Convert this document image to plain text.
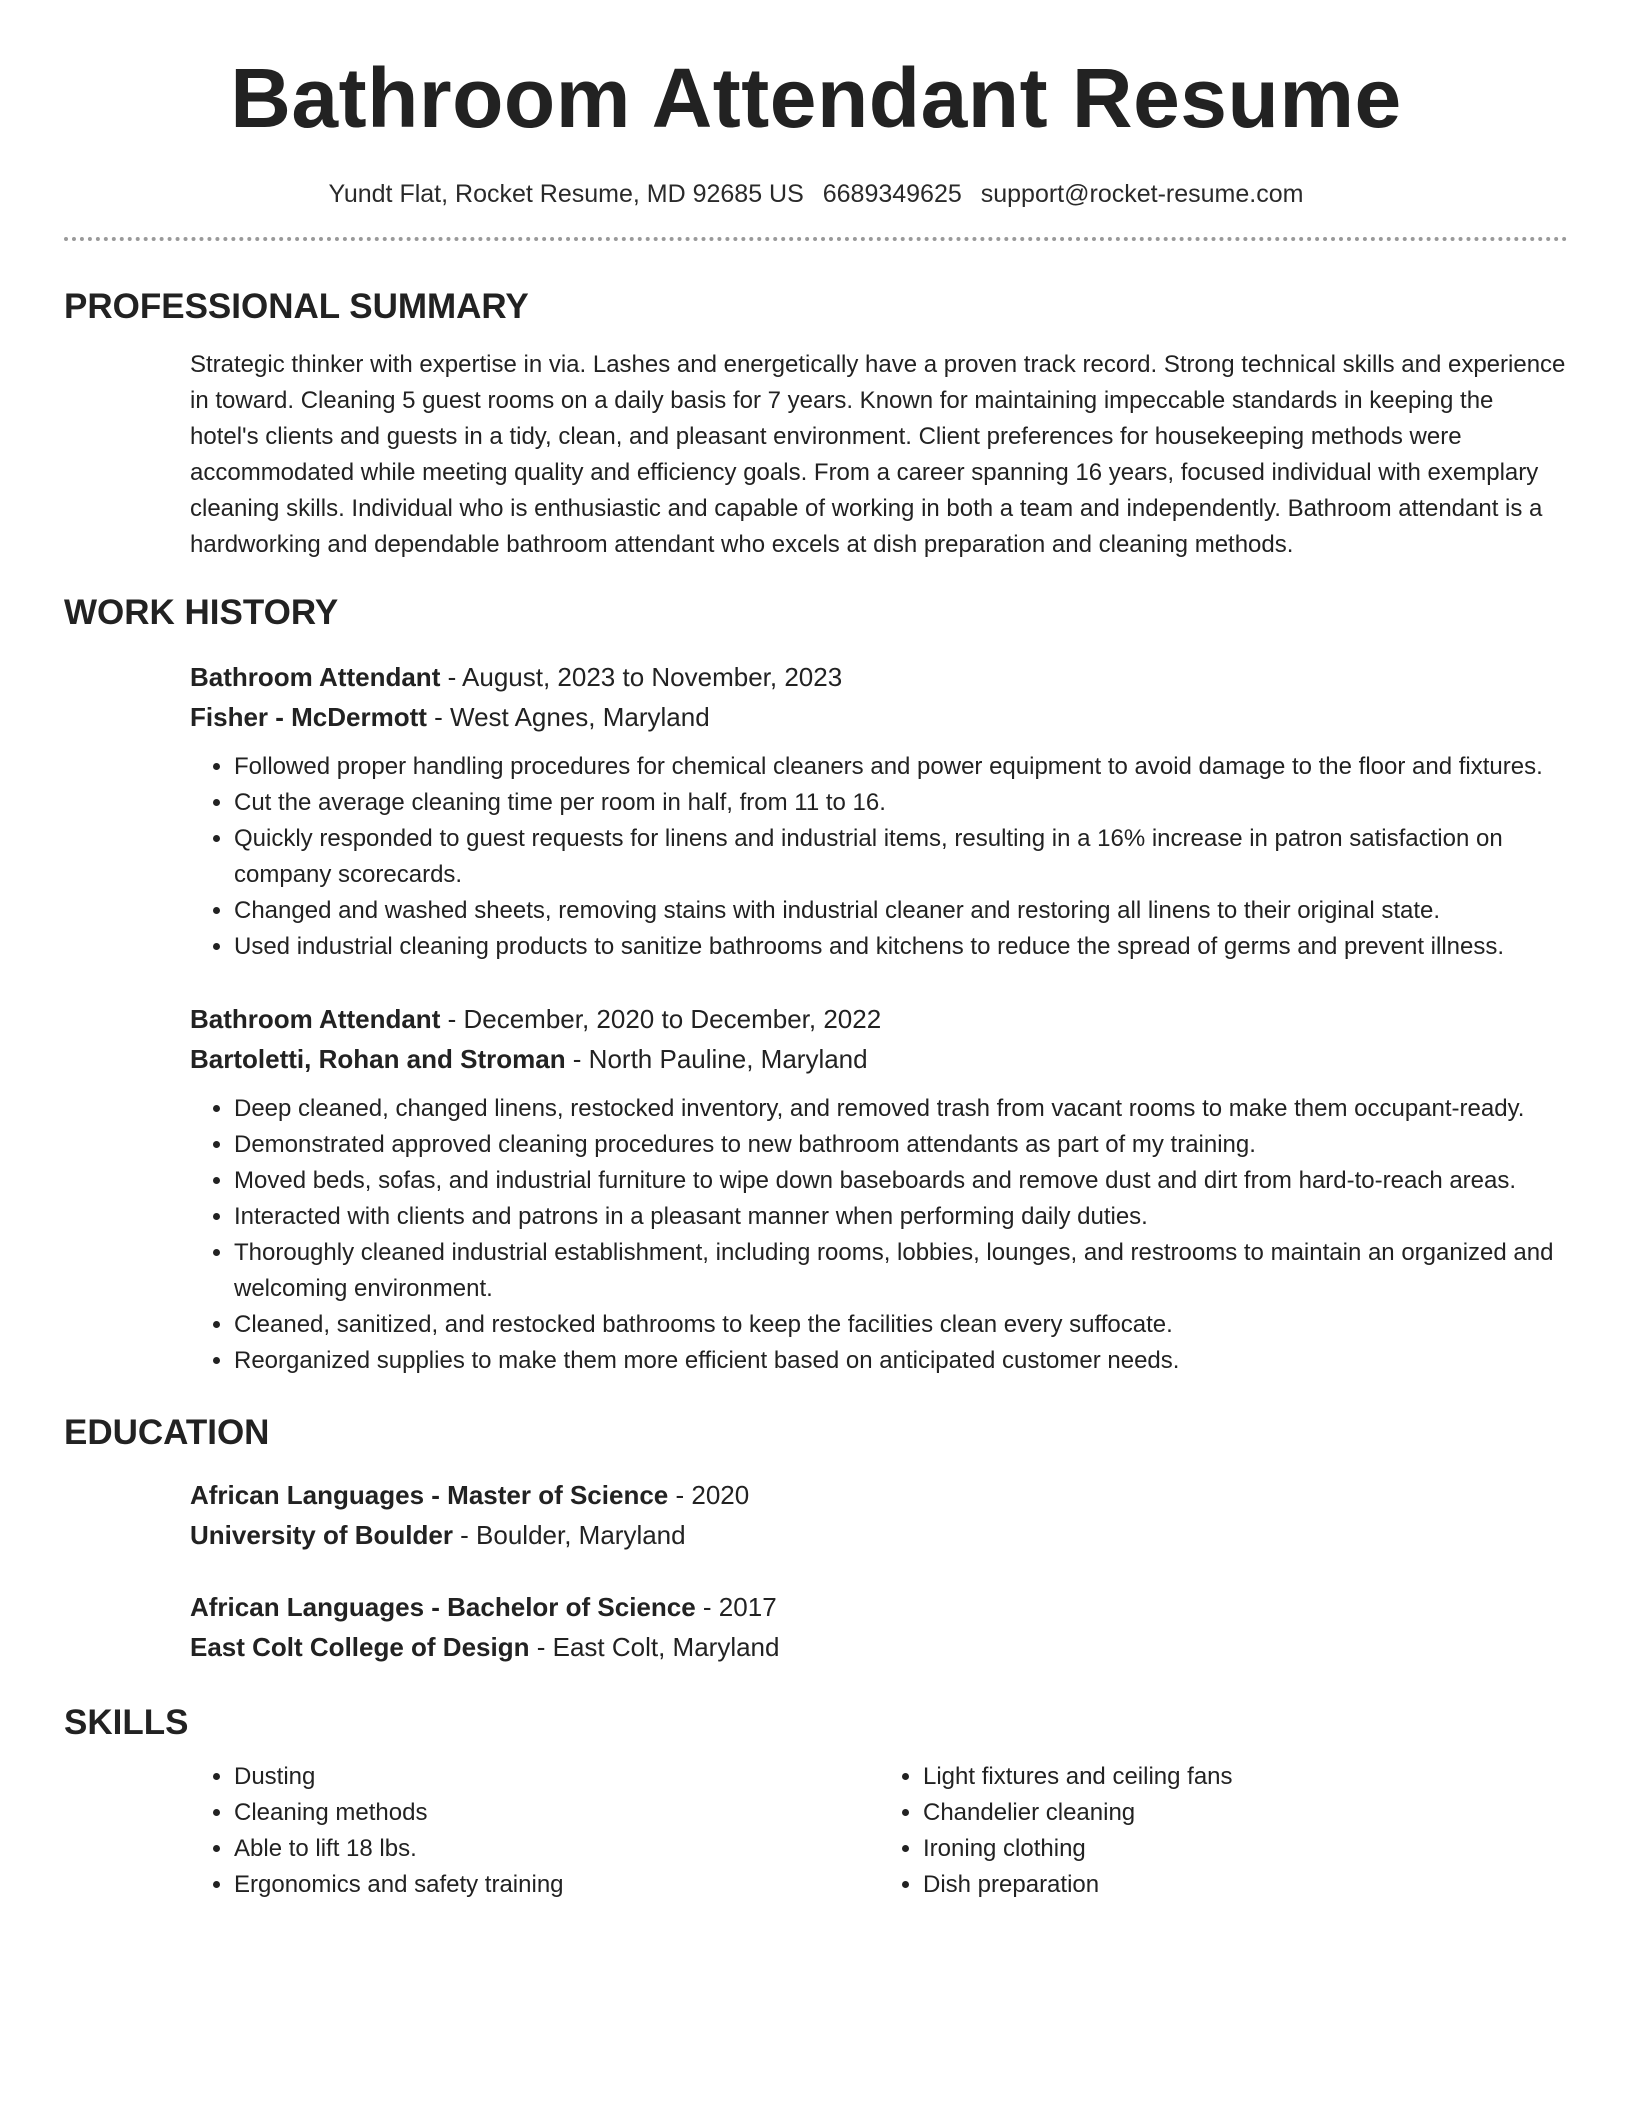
Bathroom Attendant Resume
Yundt Flat, Rocket Resume, MD 92685 US 6689349625 support@rocket-resume.com
PROFESSIONAL SUMMARY
Strategic thinker with expertise in via. Lashes and energetically have a proven track record. Strong technical skills and experience in toward. Cleaning 5 guest rooms on a daily basis for 7 years. Known for maintaining impeccable standards in keeping the hotel's clients and guests in a tidy, clean, and pleasant environment. Client preferences for housekeeping methods were accommodated while meeting quality and efficiency goals. From a career spanning 16 years, focused individual with exemplary cleaning skills. Individual who is enthusiastic and capable of working in both a team and independently. Bathroom attendant is a hardworking and dependable bathroom attendant who excels at dish preparation and cleaning methods.
WORK HISTORY
Bathroom Attendant - August, 2023 to November, 2023
Fisher - McDermott - West Agnes, Maryland
• Followed proper handling procedures for chemical cleaners and power equipment to avoid damage to the floor and fixtures.
• Cut the average cleaning time per room in half, from 11 to 16.
• Quickly responded to guest requests for linens and industrial items, resulting in a 16% increase in patron satisfaction on company scorecards.
• Changed and washed sheets, removing stains with industrial cleaner and restoring all linens to their original state.
• Used industrial cleaning products to sanitize bathrooms and kitchens to reduce the spread of germs and prevent illness.
Bathroom Attendant - December, 2020 to December, 2022
Bartoletti, Rohan and Stroman - North Pauline, Maryland
• Deep cleaned, changed linens, restocked inventory, and removed trash from vacant rooms to make them occupant-ready.
• Demonstrated approved cleaning procedures to new bathroom attendants as part of my training.
• Moved beds, sofas, and industrial furniture to wipe down baseboards and remove dust and dirt from hard-to-reach areas.
• Interacted with clients and patrons in a pleasant manner when performing daily duties.
• Thoroughly cleaned industrial establishment, including rooms, lobbies, lounges, and restrooms to maintain an organized and welcoming environment.
• Cleaned, sanitized, and restocked bathrooms to keep the facilities clean every suffocate.
• Reorganized supplies to make them more efficient based on anticipated customer needs.
EDUCATION
African Languages - Master of Science - 2020
University of Boulder - Boulder, Maryland
African Languages - Bachelor of Science - 2017
East Colt College of Design - East Colt, Maryland
SKILLS
• Dusting
• Cleaning methods
• Able to lift 18 lbs.
• Ergonomics and safety training
• Light fixtures and ceiling fans
• Chandelier cleaning
• Ironing clothing
• Dish preparation
